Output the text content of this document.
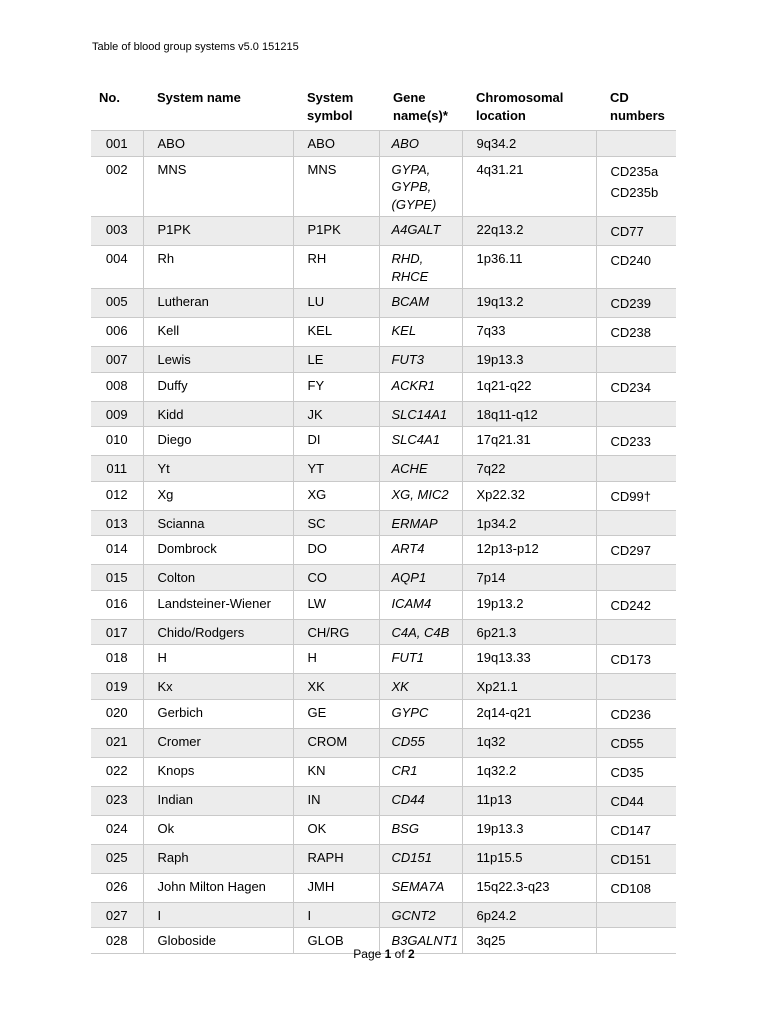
Table of blood group systems v5.0 151215
No.	System name	System symbol	Gene name(s)*	Chromosomal location	CD numbers
001	ABO	ABO	ABO	9q34.2	
002	MNS	MNS	GYPA, GYPB, (GYPE)	4q31.21	CD235a
CD235b

003	P1PK	P1PK	A4GALT	22q13.2	CD77

004	Rh	RH	RHD, RHCE	1p36.11	CD240

005	Lutheran	LU	BCAM	19q13.2	CD239

006	Kell	KEL	KEL	7q33	CD238

007	Lewis	LE	FUT3	19p13.3	
008	Duffy	FY	ACKR1	1q21-q22	CD234

009	Kidd	JK	SLC14A1	18q11-q12	
010	Diego	DI	SLC4A1	17q21.31	CD233

011	Yt	YT	ACHE	7q22	
012	Xg	XG	XG, MIC2	Xp22.32	CD99†

013	Scianna	SC	ERMAP	1p34.2	
014	Dombrock	DO	ART4	12p13-p12	CD297

015	Colton	CO	AQP1	7p14	
016	Landsteiner-Wiener	LW	ICAM4	19p13.2	CD242

017	Chido/Rodgers	CH/RG	C4A, C4B	6p21.3	
018	H	H	FUT1	19q13.33	CD173

019	Kx	XK	XK	Xp21.1	
020	Gerbich	GE	GYPC	2q14-q21	CD236

021	Cromer	CROM	CD55	1q32	CD55

022	Knops	KN	CR1	1q32.2	CD35

023	Indian	IN	CD44	11p13	CD44

024	Ok	OK	BSG	19p13.3	CD147

025	Raph	RAPH	CD151	11p15.5	CD151

026	John Milton Hagen	JMH	SEMA7A	15q22.3-q23	CD108

027	I	I	GCNT2	6p24.2	
028	Globoside	GLOB	B3GALNT1	3q25	
Page 1 of 2
